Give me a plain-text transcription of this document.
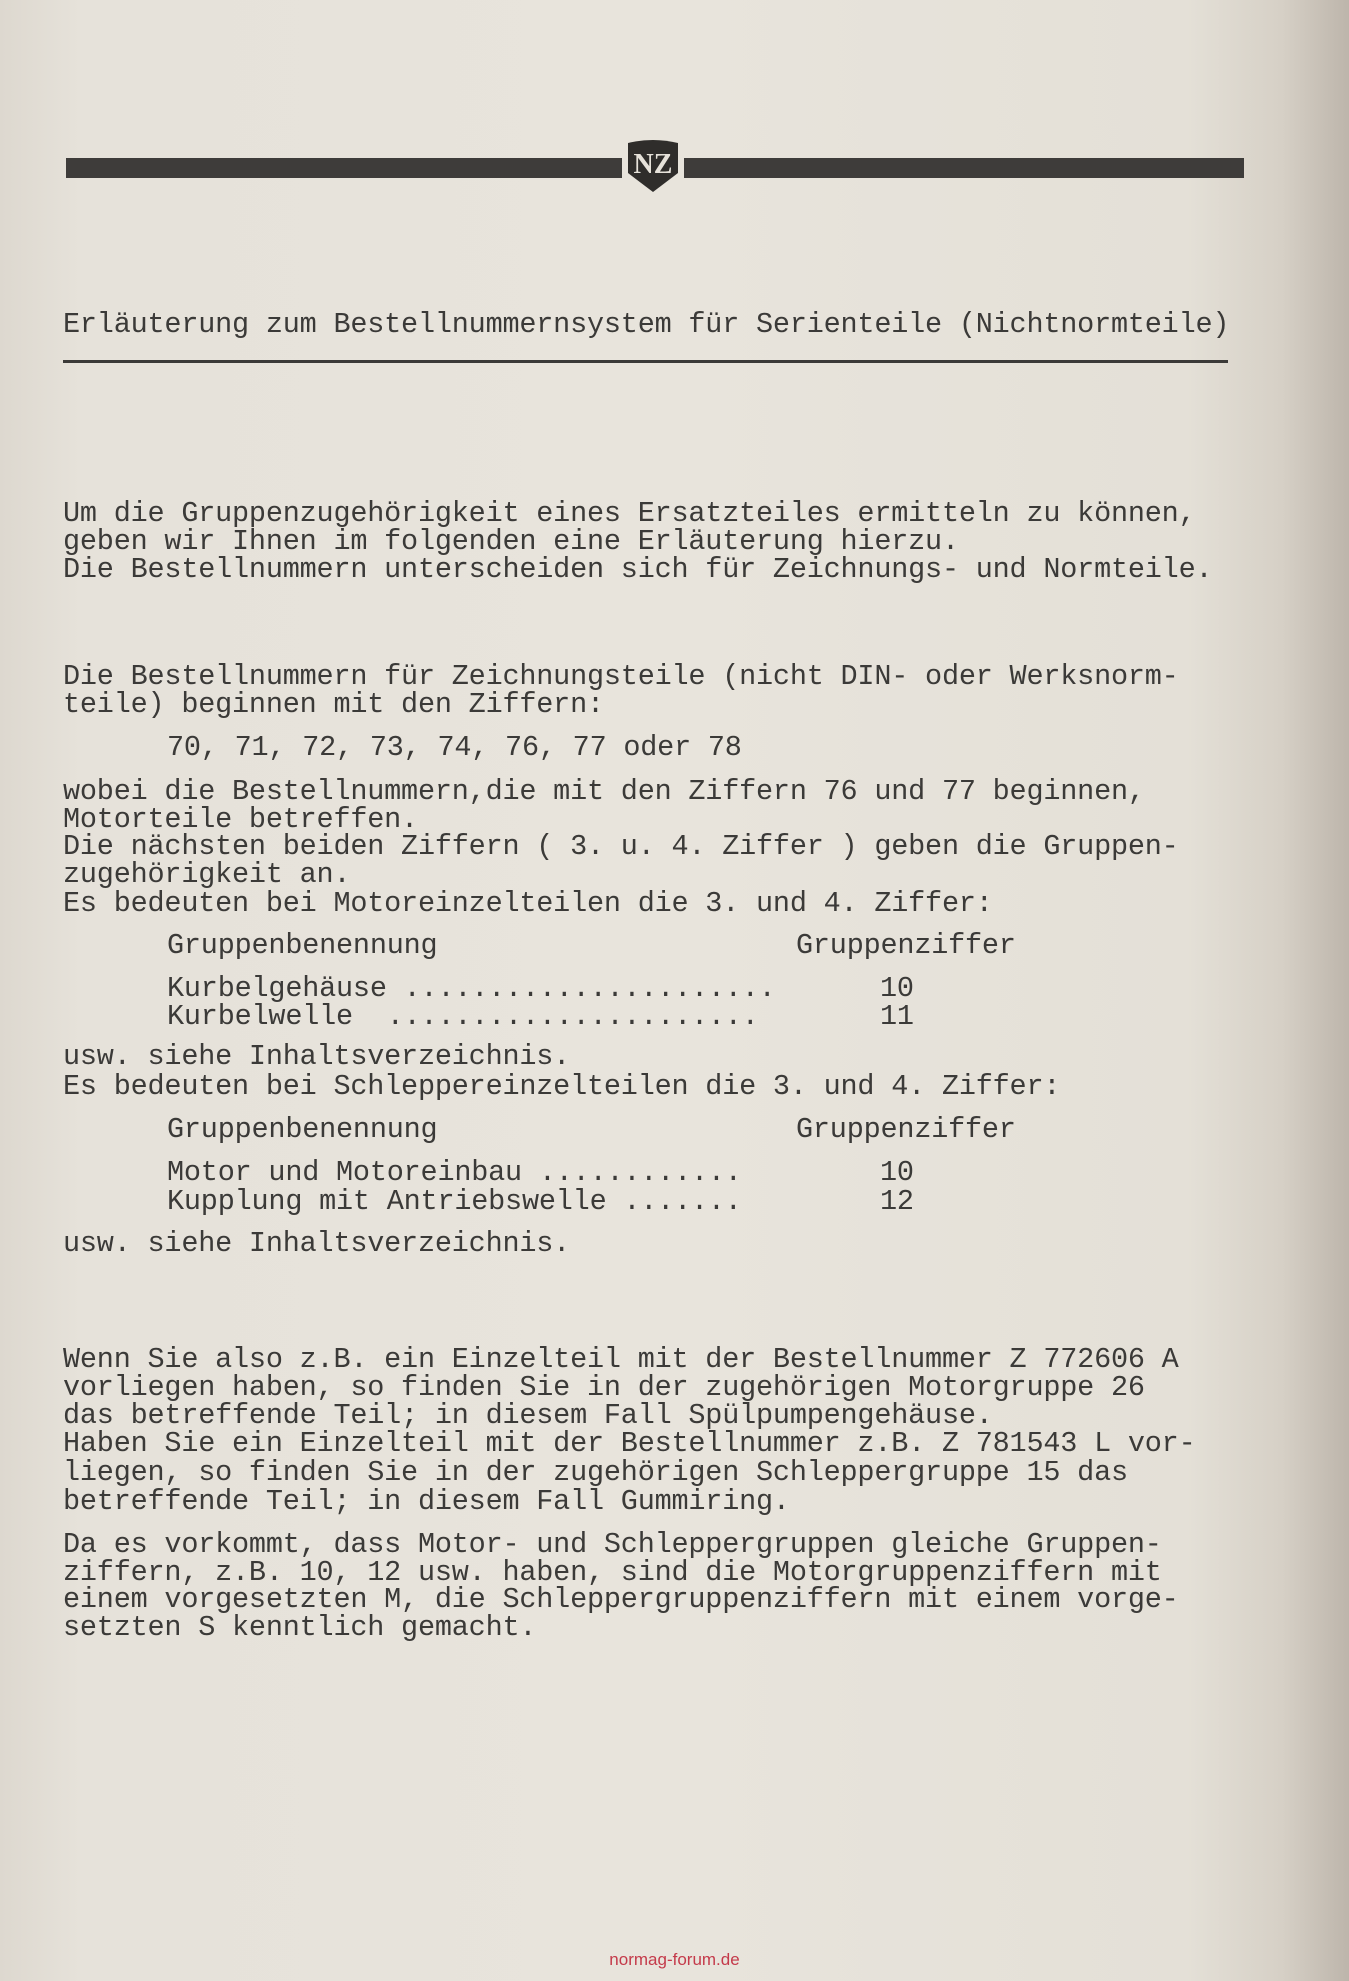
NZ
Erläuterung zum Bestellnummernsystem für Serienteile (Nichtnormteile)
Um die Gruppenzugehörigkeit eines Ersatzteiles ermitteln zu können,
geben wir Ihnen im folgenden eine Erläuterung hierzu.
Die Bestellnummern unterscheiden sich für Zeichnungs- und Normteile.
Die Bestellnummern für Zeichnungsteile (nicht DIN- oder Werksnorm-
teile) beginnen mit den Ziffern:
70, 71, 72, 73, 74, 76, 77 oder 78
wobei die Bestellnummern,die mit den Ziffern 76 und 77 beginnen,
Motorteile betreffen.
Die nächsten beiden Ziffern ( 3. u. 4. Ziffer ) geben die Gruppen-
zugehörigkeit an.
Es bedeuten bei Motoreinzelteilen die 3. und 4. Ziffer:
Gruppenbenennung	Gruppenziffer
Kurbelgehäuse ......................	10
Kurbelwelle  ......................	11
usw. siehe Inhaltsverzeichnis.
Es bedeuten bei Schleppereinzelteilen die 3. und 4. Ziffer:
Gruppenbenennung	Gruppenziffer
Motor und Motoreinbau ............	10
Kupplung mit Antriebswelle .......	12
usw. siehe Inhaltsverzeichnis.
Wenn Sie also z.B. ein Einzelteil mit der Bestellnummer Z 772606 A
vorliegen haben, so finden Sie in der zugehörigen Motorgruppe 26
das betreffende Teil; in diesem Fall Spülpumpengehäuse.
Haben Sie ein Einzelteil mit der Bestellnummer z.B. Z 781543 L vor-
liegen, so finden Sie in der zugehörigen Schleppergruppe 15 das
betreffende Teil; in diesem Fall Gummiring.
Da es vorkommt, dass Motor- und Schleppergruppen gleiche Gruppen-
ziffern, z.B. 10, 12 usw. haben, sind die Motorgruppenziffern mit
einem vorgesetzten M, die Schleppergruppenziffern mit einem vorge-
setzten S kenntlich gemacht.
normag-forum.de
